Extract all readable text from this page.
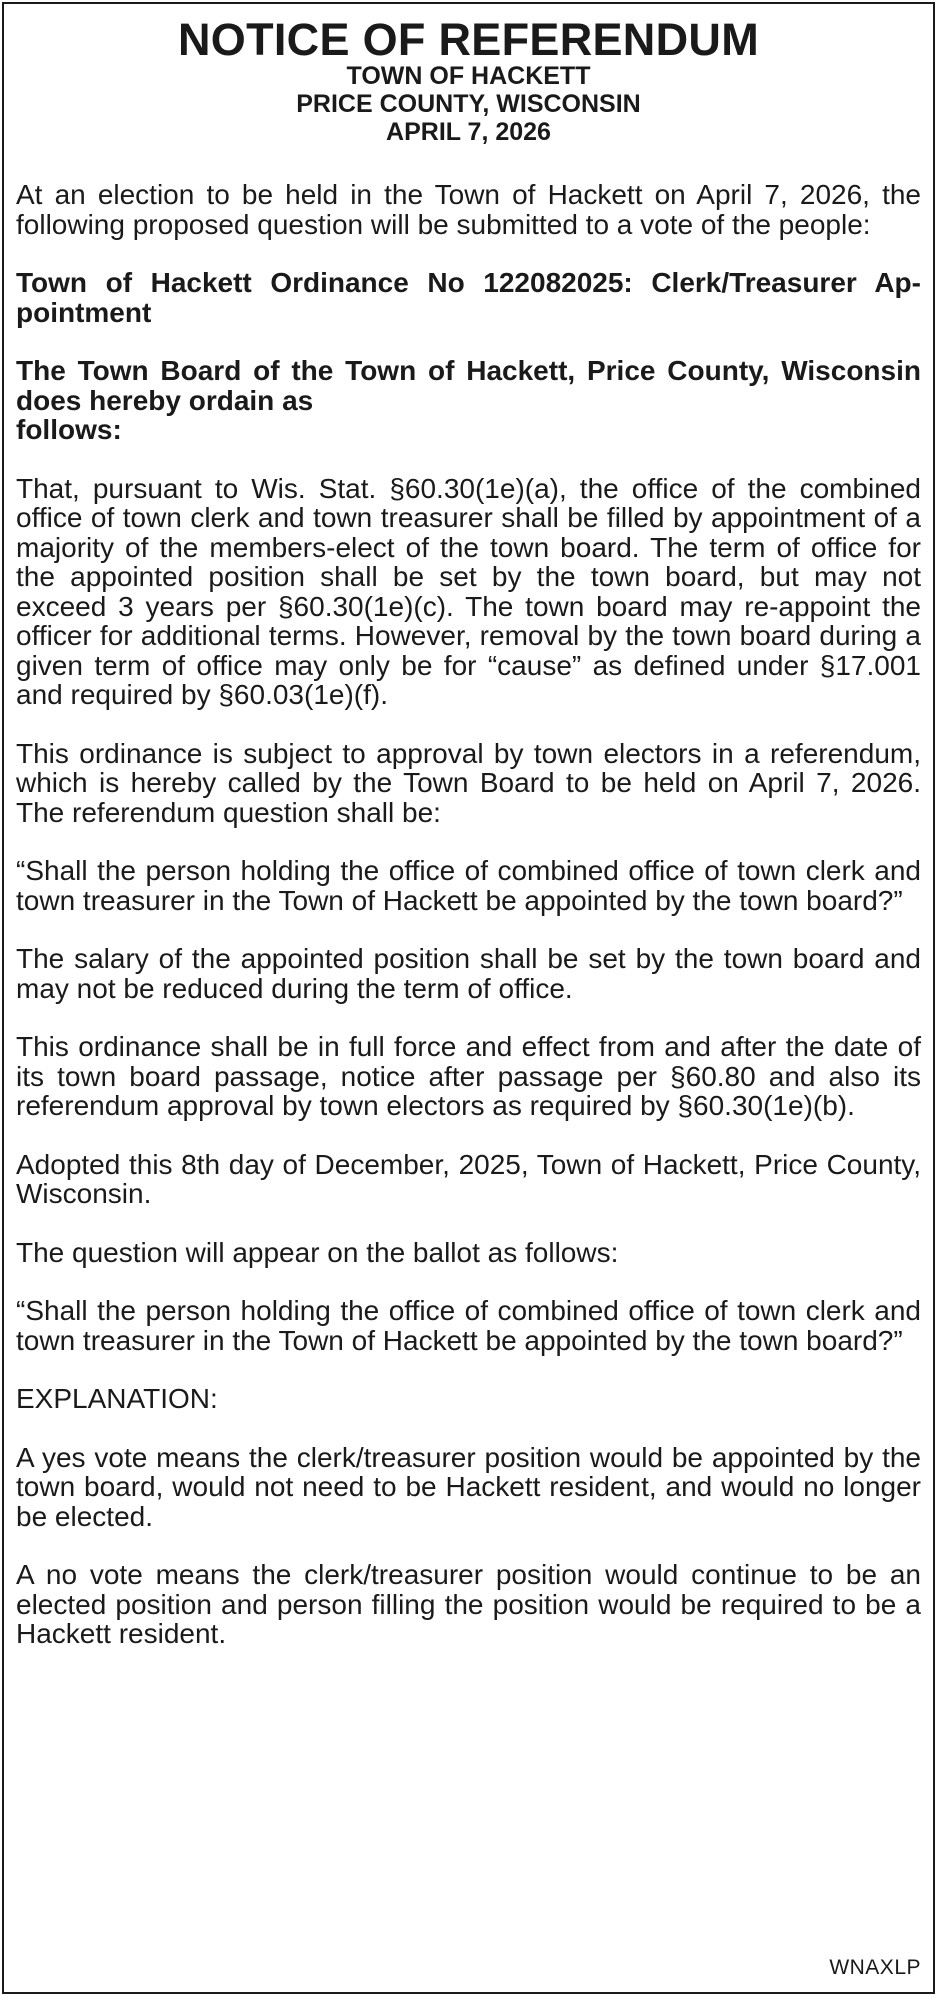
NOTICE OF REFERENDUM
TOWN OF HACKETT
PRICE COUNTY, WISCONSIN
APRIL 7, 2026

At an election to be held in the Town of Hackett on April 7, 2026, the following proposed question will be submitted to a vote of the people:

Town of Hackett Ordinance No 122082025: Clerk/Treasurer Appointment

The Town Board of the Town of Hackett, Price County, Wisconsin does hereby ordain as
follows:

That, pursuant to Wis. Stat. §60.30(1e)(a), the office of the combined office of town clerk and town treasurer shall be filled by appointment of a majority of the members-elect of the town board. The term of office for the appointed position shall be set by the town board, but may not exceed 3 years per §60.30(1e)(c). The town board may re-appoint the officer for additional terms. However, removal by the town board during a given term of office may only be for “cause” as defined under §17.001 and required by §60.03(1e)(f).

This ordinance is subject to approval by town electors in a referendum, which is hereby called by the Town Board to be held on April 7, 2026. The referendum question shall be:

“Shall the person holding the office of combined office of town clerk and town treasurer in the Town of Hackett be appointed by the town board?”

The salary of the appointed position shall be set by the town board and may not be reduced during the term of office.

This ordinance shall be in full force and effect from and after the date of its town board passage, notice after passage per §60.80 and also its referendum approval by town electors as required by §60.30(1e)(b).

Adopted this 8th day of December, 2025, Town of Hackett, Price County, Wisconsin.

The question will appear on the ballot as follows:

“Shall the person holding the office of combined office of town clerk and town treasurer in the Town of Hackett be appointed by the town board?”

EXPLANATION:

A yes vote means the clerk/treasurer position would be appointed by the town board, would not need to be Hackett resident, and would no longer be elected.

A no vote means the clerk/treasurer position would continue to be an elected position and person filling the position would be required to be a Hackett resident.

WNAXLP
